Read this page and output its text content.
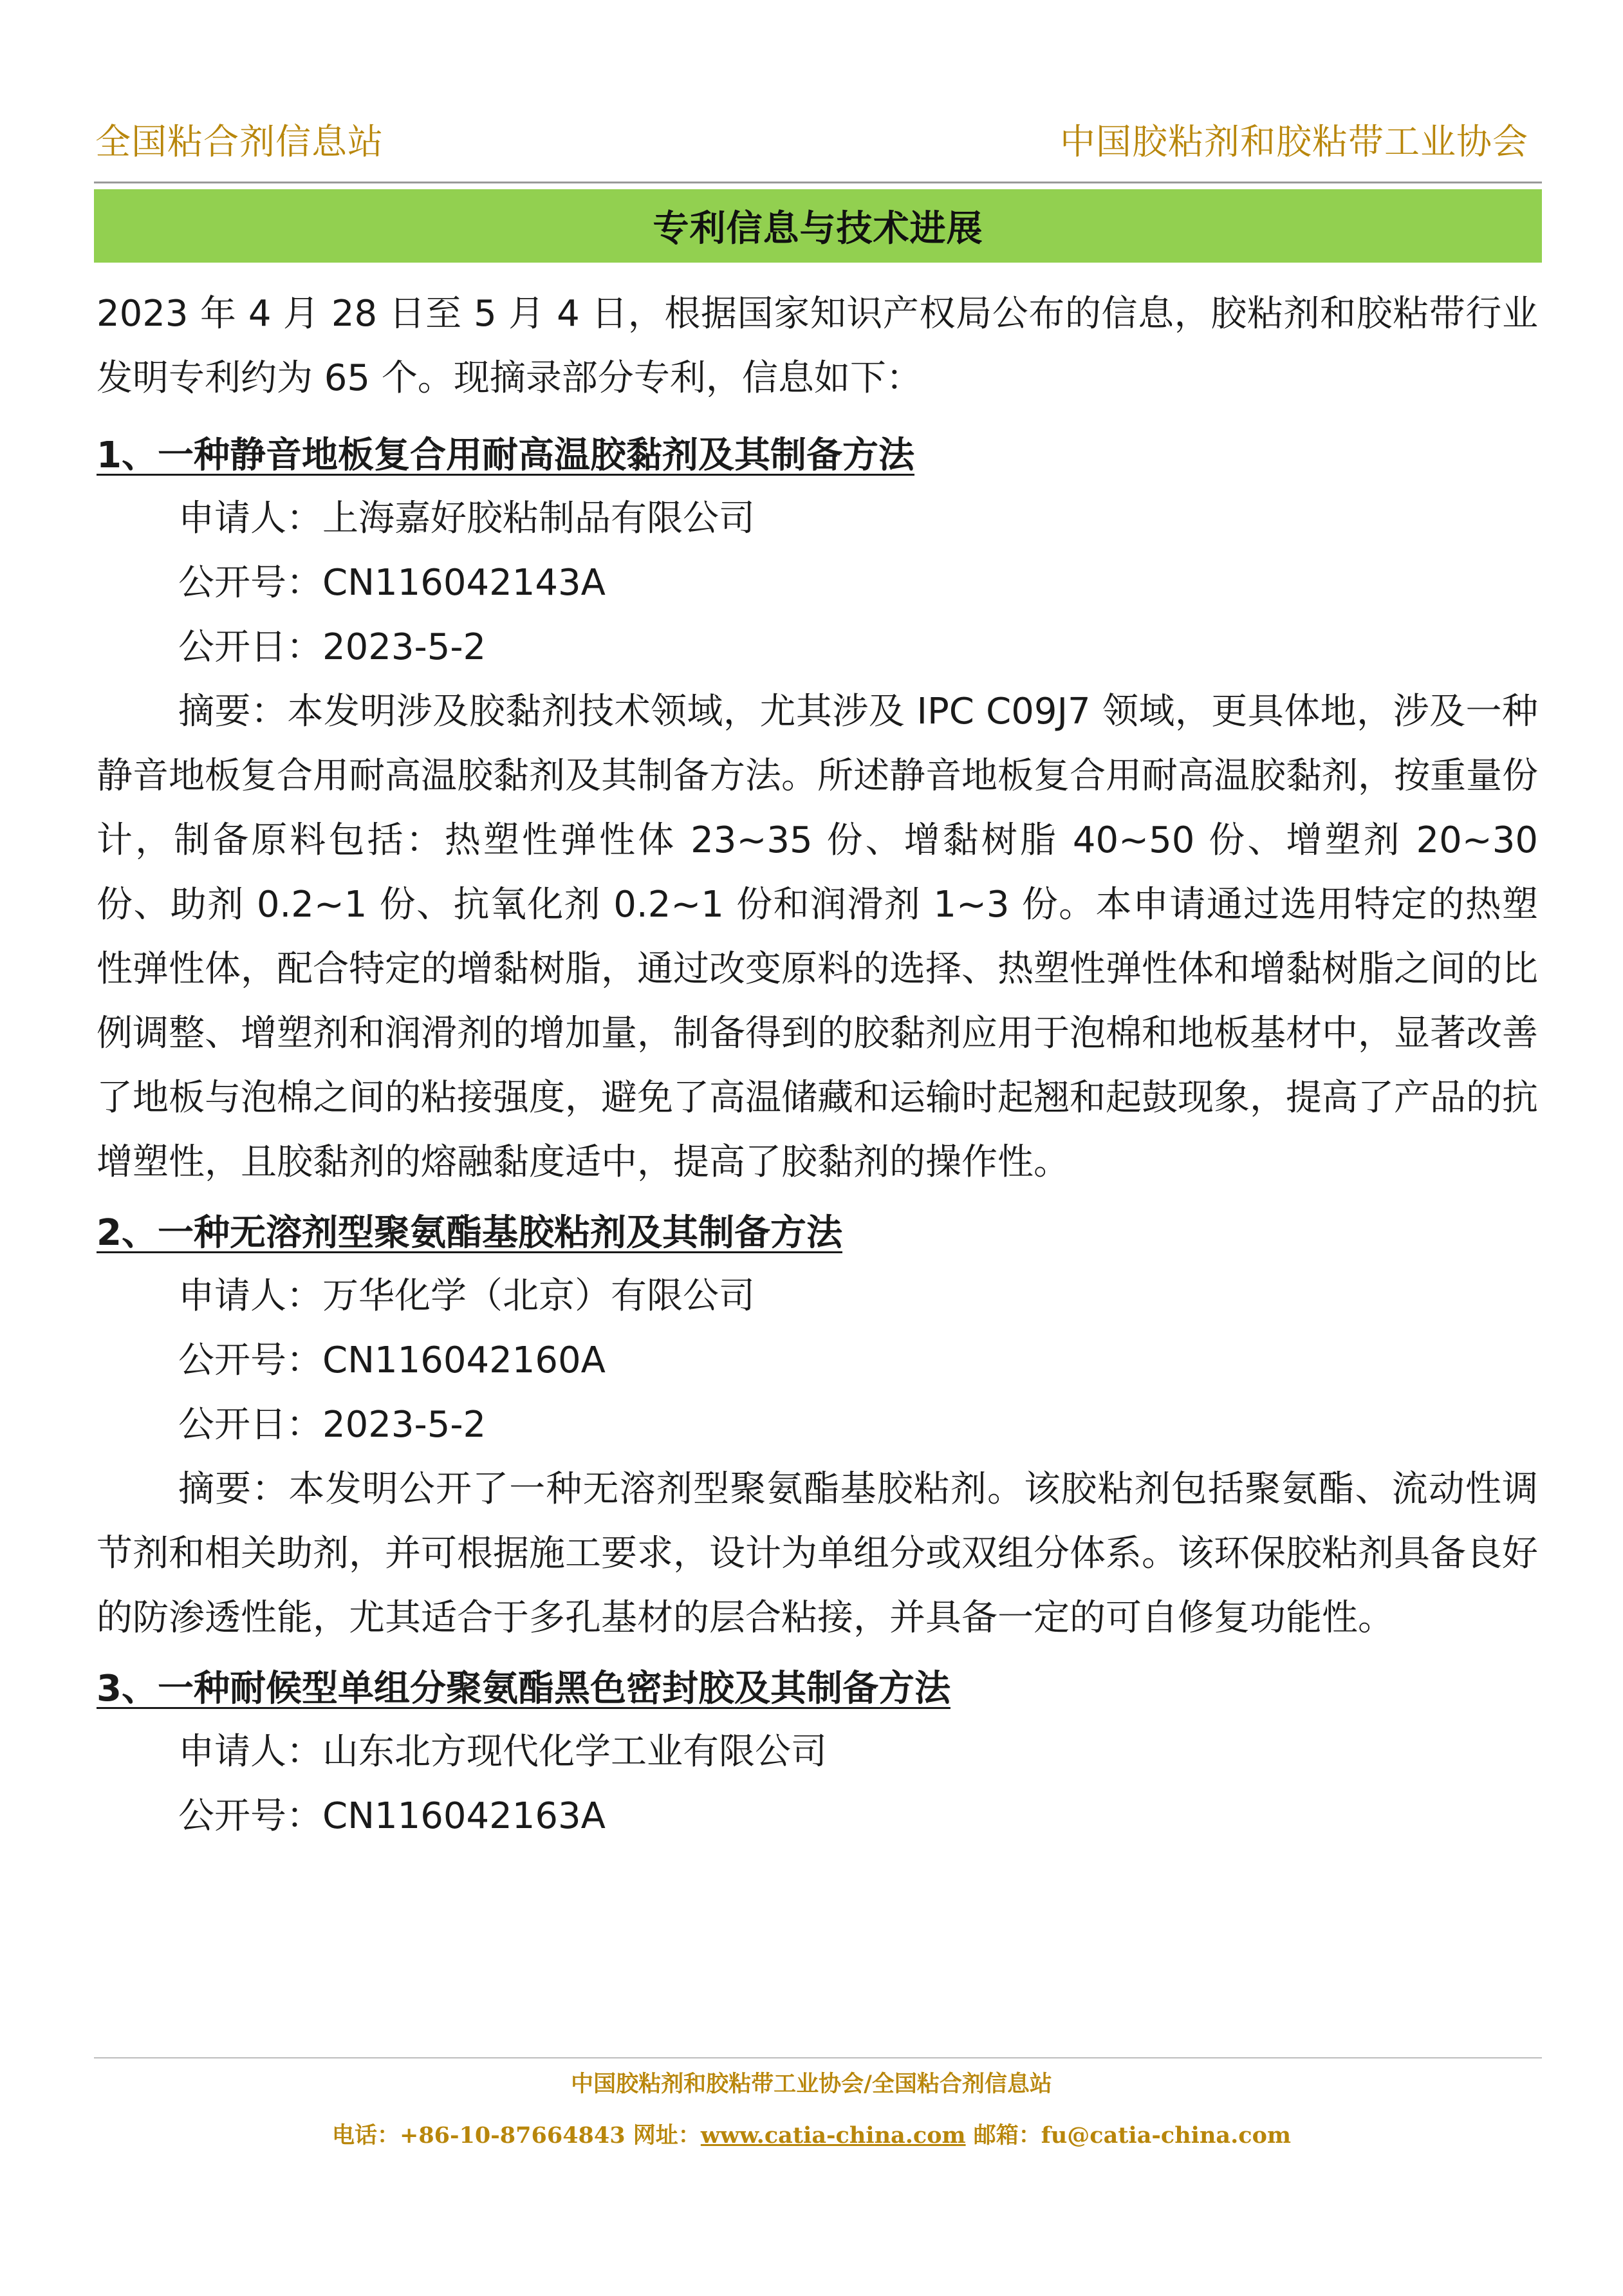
全国粘合剂信息站	中国胶粘剂和胶粘带工业协会
专利信息与技术进展

2023 年 4 月 28 日至 5 月 4 日，根据国家知识产权局公布的信息，胶粘剂和胶粘带行业发明专利约为 65 个。现摘录部分专利，信息如下：

1、一种静音地板复合用耐高温胶黏剂及其制备方法

申请人：上海嘉好胶粘制品有限公司

公开号：CN116042143A

公开日：2023-5-2

摘要：本发明涉及胶黏剂技术领域，尤其涉及 IPC C09J7 领域，更具体地，涉及一种静音地板复合用耐高温胶黏剂及其制备方法。所述静音地板复合用耐高温胶黏剂，按重量份计，制备原料包括：热塑性弹性体 23~35 份、增黏树脂 40~50 份、增塑剂 20~30 份、助剂 0.2~1 份、抗氧化剂 0.2~1 份和润滑剂 1~3 份。本申请通过选用特定的热塑性弹性体，配合特定的增黏树脂，通过改变原料的选择、热塑性弹性体和增黏树脂之间的比例调整、增塑剂和润滑剂的增加量，制备得到的胶黏剂应用于泡棉和地板基材中，显著改善了地板与泡棉之间的粘接强度，避免了高温储藏和运输时起翘和起鼓现象，提高了产品的抗增塑性，且胶黏剂的熔融黏度适中，提高了胶黏剂的操作性。

2、一种无溶剂型聚氨酯基胶粘剂及其制备方法

申请人：万华化学（北京）有限公司

公开号：CN116042160A

公开日：2023-5-2

摘要：本发明公开了一种无溶剂型聚氨酯基胶粘剂。该胶粘剂包括聚氨酯、流动性调节剂和相关助剂，并可根据施工要求，设计为单组分或双组分体系。该环保胶粘剂具备良好的防渗透性能，尤其适合于多孔基材的层合粘接，并具备一定的可自修复功能性。

3、一种耐候型单组分聚氨酯黑色密封胶及其制备方法

申请人：山东北方现代化学工业有限公司

公开号：CN116042163A

中国胶粘剂和胶粘带工业协会/全国粘合剂信息站
电话：+86-10-87664843 网址：www.catia-china.com 邮箱：fu@catia-china.com
